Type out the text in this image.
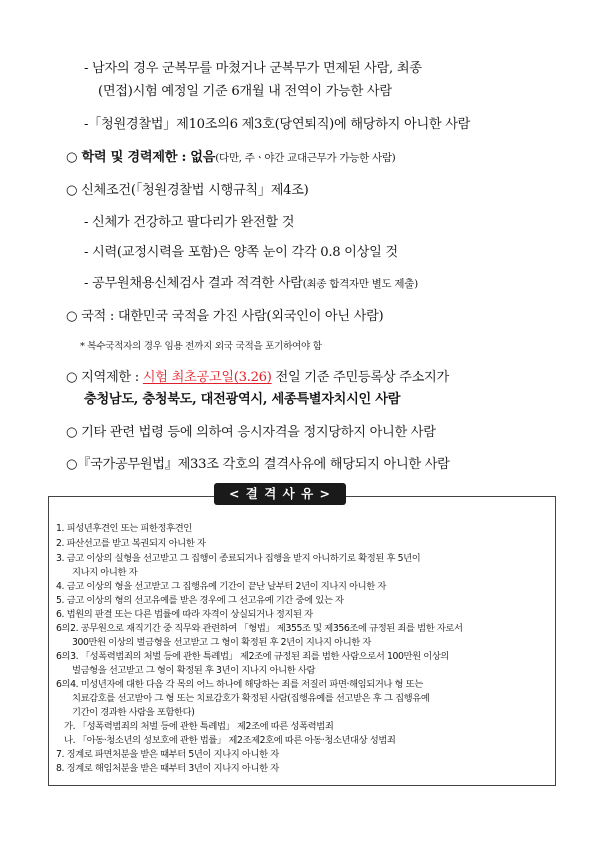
- 남자의 경우 군복무를 마쳤거나 군복무가 면제된 사람, 최종
(면접)시험 예정일 기준 6개월 내 전역이 가능한 사람
-「청원경찰법」제10조의6 제3호(당연퇴직)에 해당하지 아니한 사람
○ 학력 및 경력제한 : 없음(다만, 주ㆍ야간 교대근무가 가능한 사람)
○ 신체조건(「청원경찰법 시행규칙」제4조)
- 신체가 건강하고 팔다리가 완전할 것
- 시력(교정시력을 포함)은 양쪽 눈이 각각 0.8 이상일 것
- 공무원채용신체검사 결과 적격한 사람(최종 합격자만 별도 제출)
○ 국적 : 대한민국 국적을 가진 사람(외국인이 아닌 사람)
* 복수국적자의 경우 임용 전까지 외국 국적을 포기하여야 함
○ 지역제한 : 시험 최초공고일(3.26) 전일 기준 주민등록상 주소지가
충청남도, 충청북도, 대전광역시, 세종특별자치시인 사람
○ 기타 관련 법령 등에 의하여 응시자격을 정지당하지 아니한 사람
○『국가공무원법』제33조 각호의 결격사유에 해당되지 아니한 사람
< 결 격 사 유 >
1. 피성년후견인 또는 피한정후견인
2. 파산선고를 받고 복권되지 아니한 자
3. 금고 이상의 실형을 선고받고 그 집행이 종료되거나 집행을 받지 아니하기로 확정된 후 5년이
지나지 아니한 자
4. 금고 이상의 형을 선고받고 그 집행유예 기간이 끝난 날부터 2년이 지나지 아니한 자
5. 금고 이상의 형의 선고유예를 받은 경우에 그 선고유예 기간 중에 있는 자
6. 법원의 판결 또는 다른 법률에 따라 자격이 상실되거나 정지된 자
6의2. 공무원으로 재직기간 중 직무와 관련하여 「형법」 제355조 및 제356조에 규정된 죄를 범한 자로서
300만원 이상의 벌금형을 선고받고 그 형이 확정된 후 2년이 지나지 아니한 자
6의3. 「성폭력범죄의 처벌 등에 관한 특례법」 제2조에 규정된 죄를 범한 사람으로서 100만원 이상의
벌금형을 선고받고 그 형이 확정된 후 3년이 지나지 아니한 사람
6의4. 미성년자에 대한 다음 각 목의 어느 하나에 해당하는 죄를 저질러 파면·해임되거나 형 또는
치료감호를 선고받아 그 형 또는 치료감호가 확정된 사람(집행유예를 선고받은 후 그 집행유예
기간이 경과한 사람을 포함한다)
가. 「성폭력범죄의 처벌 등에 관한 특례법」 제2조에 따른 성폭력범죄
나. 「아동·청소년의 성보호에 관한 법률」 제2조제2호에 따른 아동·청소년대상 성범죄
7. 징계로 파면처분을 받은 때부터 5년이 지나지 아니한 자
8. 징계로 해임처분을 받은 때부터 3년이 지나지 아니한 자
